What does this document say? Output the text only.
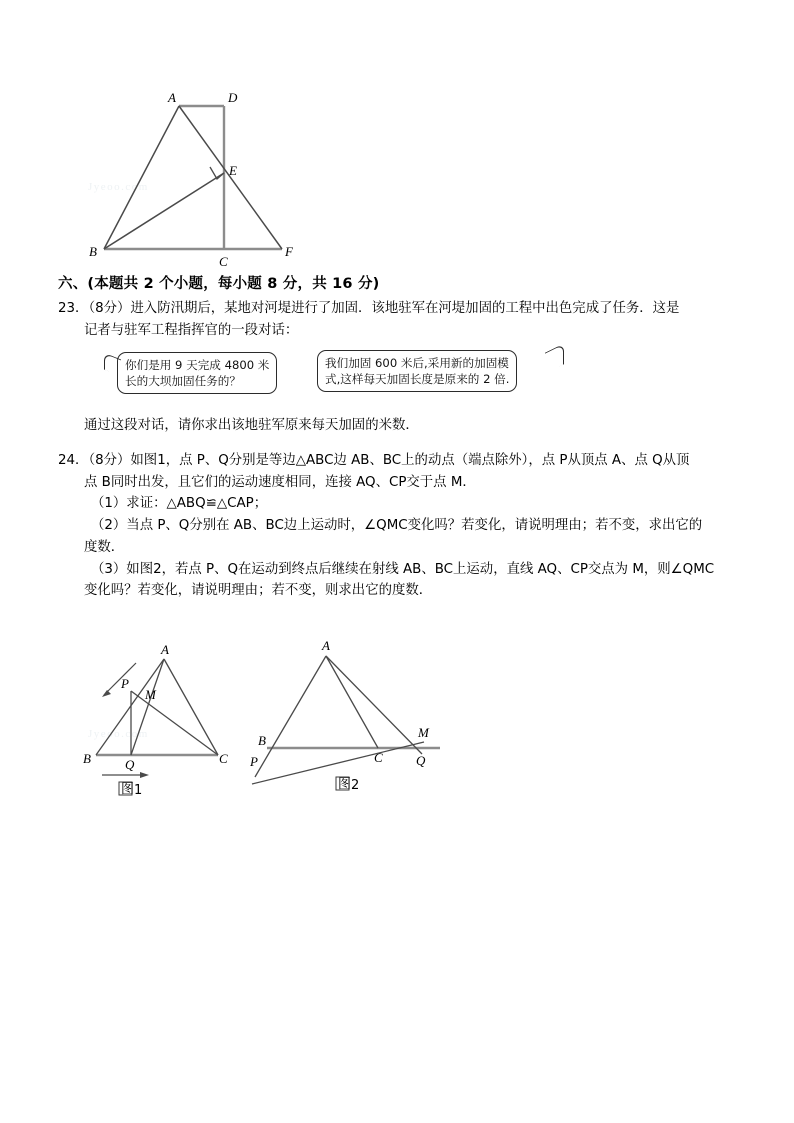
Jyeoo.com
A	D
E
B
C
F
六、(本题共 2 个小题，每小题 8 分，共 16 分)
23．（8分）进入防汛期后，某地对河堤进行了加固．该地驻军在河堤加固的工程中出色完成了任务．这是
记者与驻军工程指挥官的一段对话：
你们是用 9 天完成 4800 米
长的大坝加固任务的？
我们加固 600 米后,采用新的加固模
式,这样每天加固长度是原来的 2 倍.
通过这段对话，请你求出该地驻军原来每天加固的米数．
24．（8分）如图1，点 P、Q分别是等边△ABC边 AB、BC上的动点（端点除外），点 P从顶点 A、点 Q从顶
点 B同时出发，且它们的运动速度相同，连接 AQ、CP交于点 M．
（1）求证：△ABQ≌△CAP；
（2）当点 P、Q分别在 AB、BC边上运动时，∠QMC变化吗？若变化，请说明理由；若不变，求出它的
度数．
（3）如图2，若点 P、Q在运动到终点后继续在射线 AB、BC上运动，直线 AQ、CP交点为 M，则∠QMC
变化吗？若变化，请说明理由；若不变，则求出它的度数．
Jyeoo.com
A
P
M
B	Q	C
图 1
A
B
C
M
Q
P
图 2
